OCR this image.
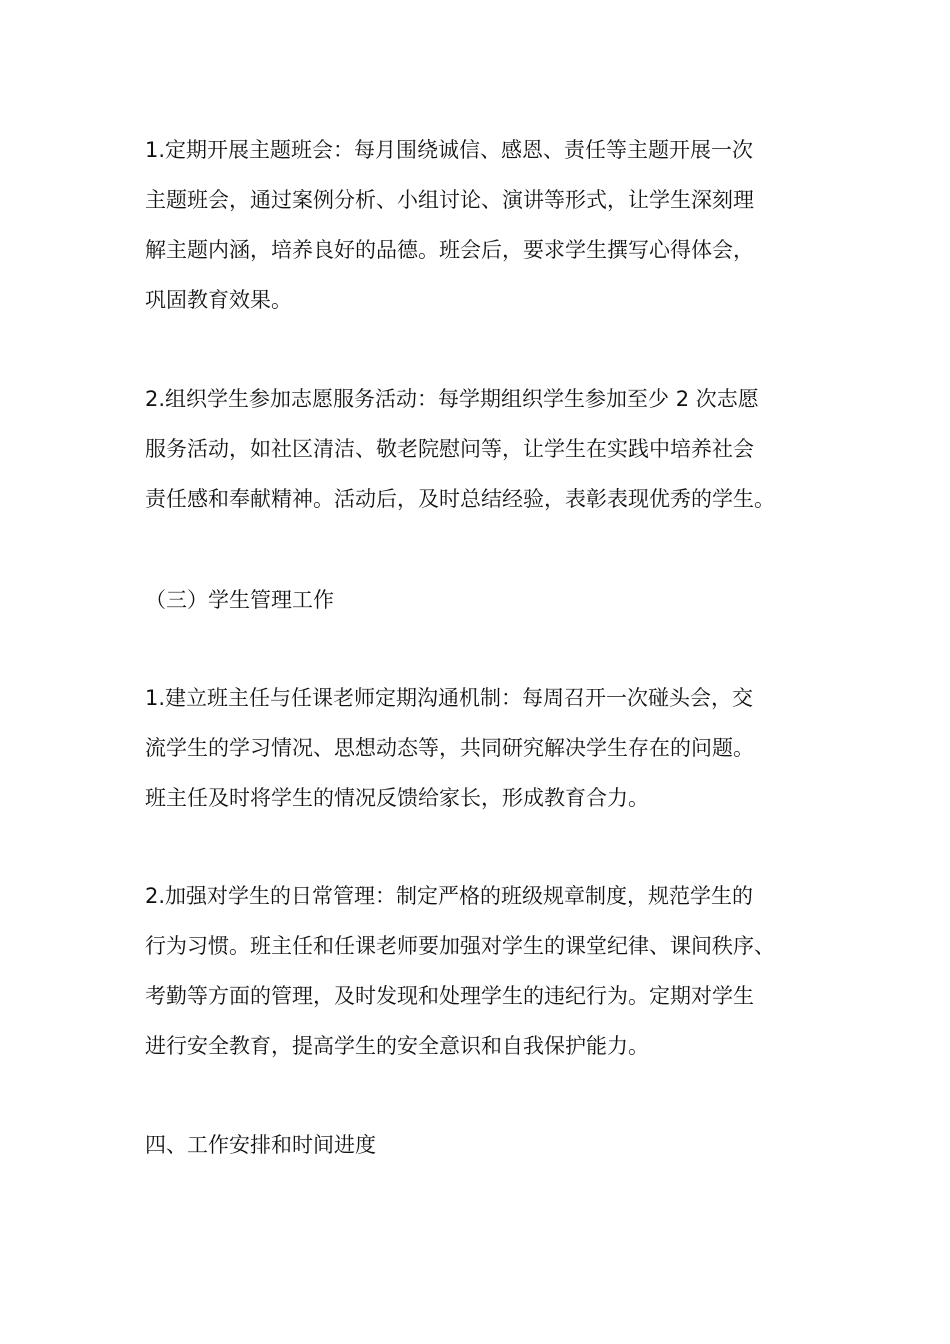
1.定期开展主题班会：每月围绕诚信、感恩、责任等主题开展一次
主题班会，通过案例分析、小组讨论、演讲等形式，让学生深刻理
解主题内涵，培养良好的品德。班会后，要求学生撰写心得体会，
巩固教育效果。

2.组织学生参加志愿服务活动：每学期组织学生参加至少 2 次志愿
服务活动，如社区清洁、敬老院慰问等，让学生在实践中培养社会
责任感和奉献精神。活动后，及时总结经验，表彰表现优秀的学生。

（三）学生管理工作

1.建立班主任与任课老师定期沟通机制：每周召开一次碰头会，交
流学生的学习情况、思想动态等，共同研究解决学生存在的问题。
班主任及时将学生的情况反馈给家长，形成教育合力。

2.加强对学生的日常管理：制定严格的班级规章制度，规范学生的
行为习惯。班主任和任课老师要加强对学生的课堂纪律、课间秩序、
考勤等方面的管理，及时发现和处理学生的违纪行为。定期对学生
进行安全教育，提高学生的安全意识和自我保护能力。

四、工作安排和时间进度
